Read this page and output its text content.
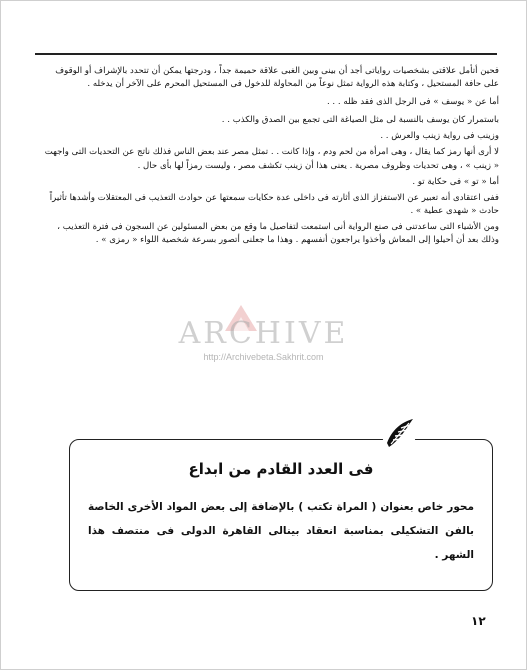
فحين أتأمل علاقتى بشخصيات رواياتى أجد أن بينى وبين الغبى علاقة حميمة جداً ، ودرجتها يمكن أن تتحدد بالإشراف أو الوقوف على حافة المستحيل ، وكتابة هذه الرواية تمثل نوعاً من المحاولة للدخول فى المستحيل المحرم على الآخر أن يدخله .

أما عن « يوسف » فى الرجل الذى فقد ظله . . .

باستمرار كان يوسف بالنسبة لى مثل الصياغة التى تجمع بين الصدق والكذب . .

وزينب فى رواية زينب والعرش . .

لا أرى أنها رمز كما يقال ، وهى امرأة من لحم ودم ، وإذا كانت . . تمثل مصر عند بعض الناس فذلك ناتج عن التحديات التى واجهت « زينب » ، وهى تحديات وظروف مصرية . يعنى هذا أن زينب تكشف مصر ، وليست رمزاً لها بأى حال .

أما « تو » فى حكاية تو .

ففى اعتقادى أنه تعبير عن الاستفزاز الذى أثارته فى داخلى عدة حكايات سمعتها عن حوادث التعذيب فى المعتقلات وأشدها تأثيراً حادث « شهدى عطية » .

ومن الأشياء التى ساعدتنى فى صنع الرواية أنى استمعت لتفاصيل ما وقع من بعض المسئولين عن السجون فى فترة التعذيب ، وذلك بعد أن أحيلوا إلى المعاش وأخذوا يراجعون أنفسهم . وهذا ما جعلنى أتصور بسرعة شخصية اللواء « رمزى » .

ARCHIVE
http://Archivebeta.Sakhrit.com
فى العدد القادم من ابداع
محور خاص بعنوان ( المراة تكتب ) بالإضافة إلى بعض المواد الأخرى الخاصة بالفن التشكيلى بمناسبة انعقاد بينالى القاهرة الدولى فى منتصف هذا الشهر .
١٢
